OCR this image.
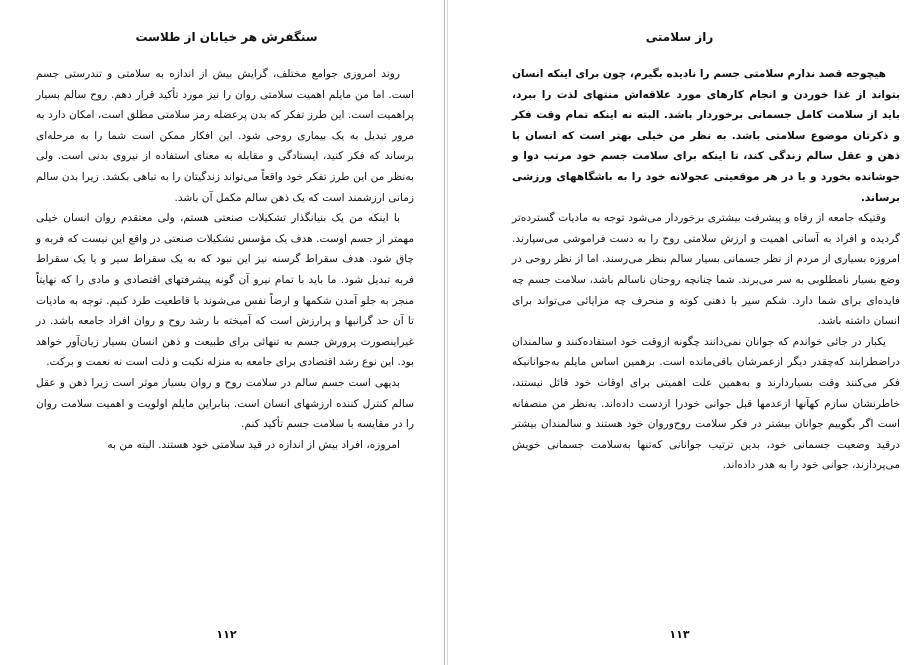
سنگفرش هر خیابان از طلاست

روند امروزی جوامع مختلف، گرایش بیش از اندازه به سلامتی و تندرستی جسم است. اما من مایلم اهمیت سلامتی روان را نیز مورد تأکید قرار دهم. روح سالم بسیار پراهمیت است. این طرز تفکر که بدن پرعضله رمز سلامتی مطلق است، امکان دارد به مرور تبدیل به یک بیماری روحی شود. این افکار ممکن است شما را به مرحله‌ای برساند که فکر کنید، ایستادگی و مقابله به معنای استفاده از نیروی بدنی است. ولی به‌نظر من این طرز تفکر خود واقعاً می‌تواند زندگیتان را به تباهی بکشد. زیرا بدن سالم زمانی ارزشمند است که یک ذهن سالم مکمل آن باشد.

با اینکه من یک بنیانگذار تشکیلات صنعتی هستم، ولی معتقدم روان انسان خیلی مهمتر از جسم اوست. هدف یک مؤسس تشکیلات صنعتی در واقع این نیست که فربه و چاق شود. هدف سقراط گرسنه نیز این نبود که به یک سقراط سیر و یا یک سقراط فربه تبدیل شود. ما باید با تمام نیرو آن گونه پیشرفتهای اقتصادی و مادی را که نهایتاً منجر به جلو آمدن شکمها و ارضاً نفس می‌شوند با قاطعیت طرد کنیم. توجه به مادیات تا آن حد گرانبها و پرارزش است که آمیخته با رشد روح و روان افراد جامعه باشد. در غیراینصورت پرورش جسم به تنهائی برای طبیعت و ذهن انسان بسیار زیان‌آور خواهد بود. این نوع رشد اقتصادی برای جامعه به منزله نکبت و ذلت است نه نعمت و برکت.

بدیهی است جسم سالم در سلامت روح و روان بسیار موثر است زیرا ذهن و عقل سالم کنترل کننده ارزشهای انسان است. بنابراین مایلم اولویت و اهمیت سلامت روان را در مقایسه با سلامت جسم تأکید کنم.

امروزه، افراد بیش از اندازه در قید سلامتی خود هستند. البته من به

۱۱۲
راز سلامتی

هیچوجه قصد ندارم سلامتی جسم را نادیده بگیرم، چون برای اینکه انسان بتواند از غذا خوردن و انجام کارهای مورد علاقه‌اش منتهای لذت را ببرد، باید از سلامت کامل جسمانی برخوردار باشد. البته نه اینکه تمام وقت فکر و ذکرتان موضوع سلامتی باشد. به نظر من خیلی بهتر است که انسان با ذهن و عقل سالم زندگی کند، تا اینکه برای سلامت جسم خود مرتب دوا و جوشانده بخورد و یا در هر موقعیتی عجولانه خود را به باشگاههای ورزشی برساند.

وقتیکه جامعه از رفاه و پیشرفت بیشتری برخوردار می‌شود توجه به مادیات گسترده‌تر گردیده و افراد به آسانی اهمیت و ارزش سلامتی روح را به دست فراموشی می‌سپارند. امروزه بسیاری از مردم از نظر جسمانی بسیار سالم بنظر می‌رسند. اما از نظر روحی در وضع بسیار نامطلوبی به سر می‌برند. شما چنانچه روحتان ناسالم باشد، سلامت جسم چه فایده‌ای برای شما دارد. شکم سیر با ذهنی کوته و منحرف چه مزایائی می‌تواند برای انسان داشته باشد.

یکبار در جائی خواندم که جوانان نمی‌دانند چگونه ازوقت خود استفاده‌کنند و سالمندان دراضطرابند که‌چقدر دیگر ازعمرشان باقی‌مانده است. برهمین اساس مایلم به‌جوانانیکه فکر می‌کنند وقت بسیاردارند و به‌همین علت اهمیتی برای اوقات خود قائل نیستند، خاطرنشان سازم کهآنها ازعدمها قبل جوانی خودرا ازدست داده‌اند. به‌نظر من منصفانه است اگر بگوییم جوانان بیشتر در فکر سلامت روح‌وروان خود هستند و سالمندان بیشتر درقید وضعیت جسمانی خود، بدین ترتیب جوانانی که‌تنها به‌سلامت جسمانی خویش می‌پردازند، جوانی خود را به هدر داده‌اند.

۱۱۳
